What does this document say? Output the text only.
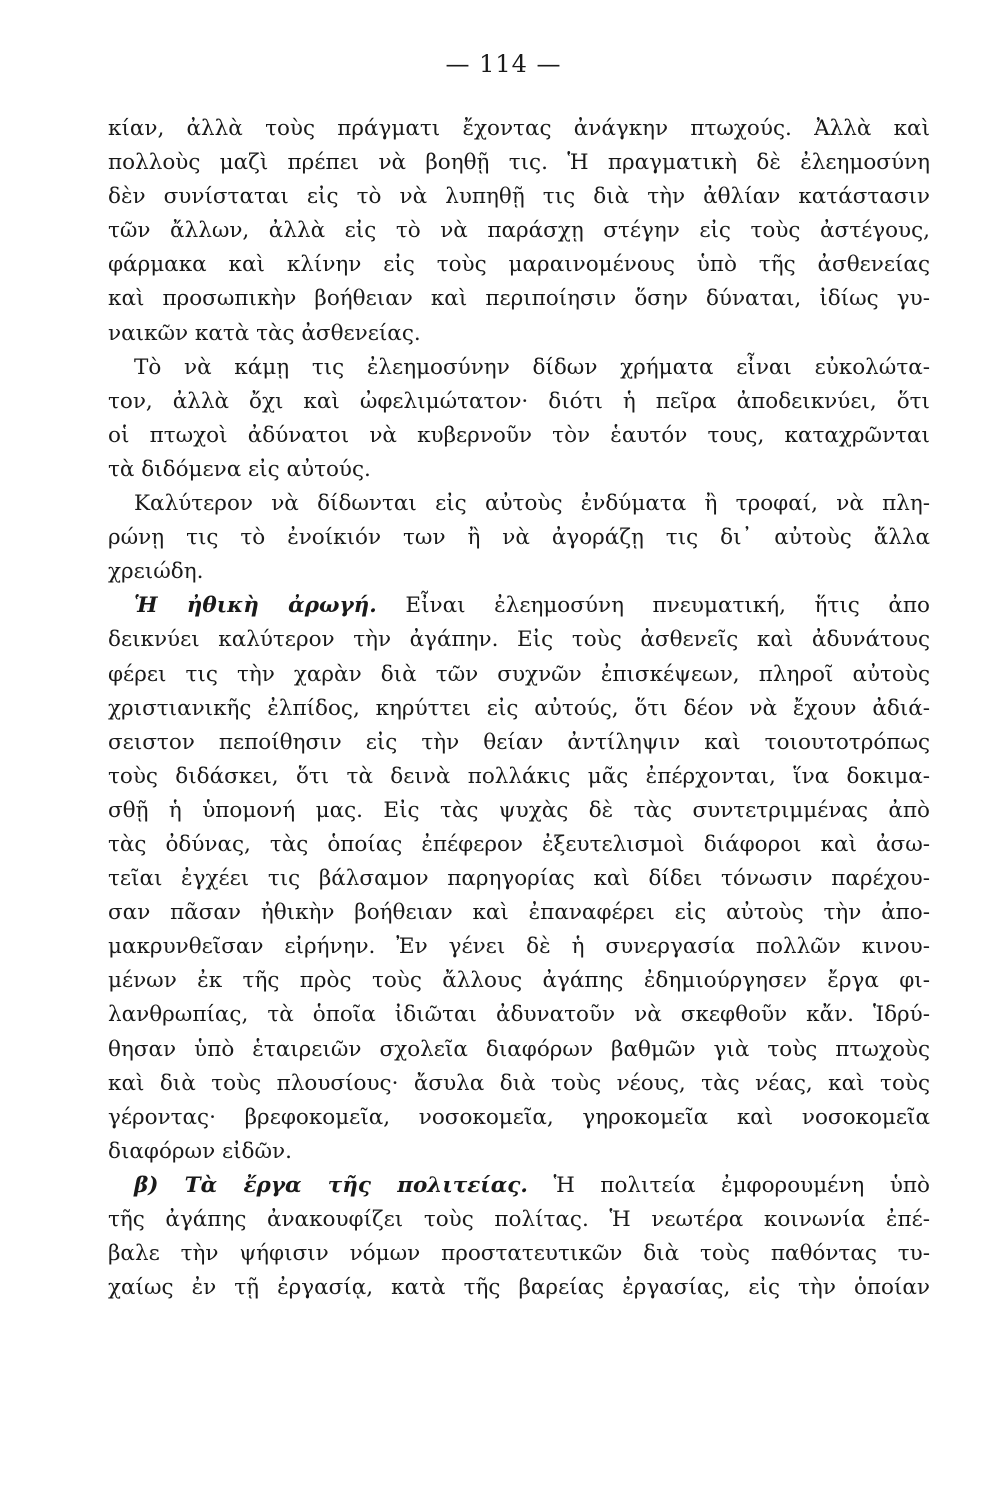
— 114 —
κίαν, ἀλλὰ τοὺς πράγματι ἔχοντας ἀνάγκην πτωχούς. Ἀλλὰ καὶ
πολλοὺς μαζὶ πρέπει νὰ βοηθῇ τις. Ἡ πραγματικὴ δὲ ἐλεημοσύνη
δὲν συνίσταται εἰς τὸ νὰ λυπηθῇ τις διὰ τὴν ἀθλίαν κατάστασιν
τῶν ἄλλων, ἀλλὰ εἰς τὸ νὰ παράσχῃ στέγην εἰς τοὺς ἀστέγους,
φάρμακα καὶ κλίνην εἰς τοὺς μαραινομένους ὑπὸ τῆς ἀσθενείας
καὶ προσωπικὴν βοήθειαν καὶ περιποίησιν ὅσην δύναται, ἰδίως γυ-
ναικῶν κατὰ τὰς ἀσθενείας.
Τὸ νὰ κάμῃ τις ἐλεημοσύνην δίδων χρήματα εἶναι εὐκολώτα-
τον, ἀλλὰ ὄχι καὶ ὠφελιμώτατον· διότι ἡ πεῖρα ἀποδεικνύει, ὅτι
οἱ πτωχοὶ ἀδύνατοι νὰ κυβερνοῦν τὸν ἑαυτόν τους, καταχρῶνται
τὰ διδόμενα εἰς αὐτούς.
Καλύτερον νὰ δίδωνται εἰς αὐτοὺς ἐνδύματα ἢ τροφαί, νὰ πλη-
ρώνῃ τις τὸ ἐνοίκιόν των ἢ νὰ ἀγοράζῃ τις δι᾽ αὐτοὺς ἄλλα
χρειώδη.
Ἡ ἠθικὴ ἀρωγή. Εἶναι ἐλεημοσύνη πνευματική, ἥτις ἀπο
δεικνύει καλύτερον τὴν ἀγάπην. Εἰς τοὺς ἀσθενεῖς καὶ ἀδυνάτους
φέρει τις τὴν χαρὰν διὰ τῶν συχνῶν ἐπισκέψεων, πληροῖ αὐτοὺς
χριστιανικῆς ἐλπίδος, κηρύττει εἰς αὐτούς, ὅτι δέον νὰ ἔχουν ἀδιά-
σειστον πεποίθησιν εἰς τὴν θείαν ἀντίληψιν καὶ τοιουτοτρόπως
τοὺς διδάσκει, ὅτι τὰ δεινὰ πολλάκις μᾶς ἐπέρχονται, ἵνα δοκιμα-
σθῇ ἡ ὑπομονή μας. Εἰς τὰς ψυχὰς δὲ τὰς συντετριμμένας ἀπὸ
τὰς ὀδύνας, τὰς ὁποίας ἐπέφερον ἐξευτελισμοὶ διάφοροι καὶ ἀσω-
τεῖαι ἐγχέει τις βάλσαμον παρηγορίας καὶ δίδει τόνωσιν παρέχου-
σαν πᾶσαν ἠθικὴν βοήθειαν καὶ ἐπαναφέρει εἰς αὐτοὺς τὴν ἀπο-
μακρυνθεῖσαν εἰρήνην. Ἐν γένει δὲ ἡ συνεργασία πολλῶν κινου-
μένων ἐκ τῆς πρὸς τοὺς ἄλλους ἀγάπης ἐδημιούργησεν ἔργα φι-
λανθρωπίας, τὰ ὁποῖα ἰδιῶται ἀδυνατοῦν νὰ σκεφθοῦν κἄν. Ἱδρύ-
θησαν ὑπὸ ἑταιρειῶν σχολεῖα διαφόρων βαθμῶν γιὰ τοὺς πτωχοὺς
καὶ διὰ τοὺς πλουσίους· ἄσυλα διὰ τοὺς νέους, τὰς νέας, καὶ τοὺς
γέροντας· βρεφοκομεῖα, νοσοκομεῖα, γηροκομεῖα καὶ νοσοκομεῖα
διαφόρων εἰδῶν.
β) Τὰ ἔργα τῆς πολιτείας. Ἡ πολιτεία ἐμφορουμένη ὑπὸ
τῆς ἀγάπης ἀνακουφίζει τοὺς πολίτας. Ἡ νεωτέρα κοινωνία ἐπέ-
βαλε τὴν ψήφισιν νόμων προστατευτικῶν διὰ τοὺς παθόντας τυ-
χαίως ἐν τῇ ἐργασίᾳ, κατὰ τῆς βαρείας ἐργασίας, εἰς τὴν ὁποίαν
